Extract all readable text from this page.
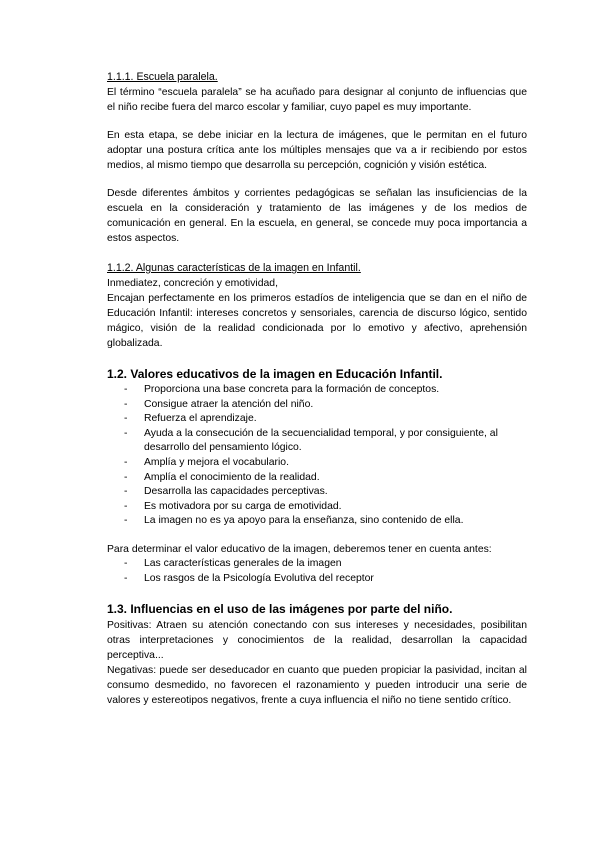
1.1.1. Escuela paralela.

El término “escuela paralela” se ha acuñado para designar al conjunto de influencias que el niño recibe fuera del marco escolar y familiar, cuyo papel es muy importante.

En esta etapa, se debe iniciar en la lectura de imágenes, que le permitan en el futuro adoptar una postura crítica ante los múltiples mensajes que va a ir recibiendo por estos medios, al mismo tiempo que desarrolla su percepción, cognición y visión estética.

Desde diferentes ámbitos y corrientes pedagógicas se señalan las insuficiencias de la escuela en la consideración y tratamiento de las imágenes y de los medios de comunicación en general. En la escuela, en general, se concede muy poca importancia a estos aspectos.

1.1.2. Algunas características de la imagen en Infantil.

Inmediatez, concreción y emotividad,

Encajan perfectamente en los primeros estadíos de inteligencia que se dan en el niño de Educación Infantil: intereses concretos y sensoriales, carencia de discurso lógico, sentido mágico, visión de la realidad condicionada por lo emotivo y afectivo, aprehensión globalizada.

1.2. Valores educativos de la imagen en Educación Infantil.

- Proporciona una base concreta para la formación de conceptos.
- Consigue atraer la atención del niño.
- Refuerza el aprendizaje.
- Ayuda a la consecución de la secuencialidad temporal, y por consiguiente, al desarrollo del pensamiento lógico.
- Amplía y mejora el vocabulario.
- Amplía el conocimiento de la realidad.
- Desarrolla las capacidades perceptivas.
- Es motivadora por su carga de emotividad.
- La imagen no es ya apoyo para la enseñanza, sino contenido de ella.

Para determinar el valor educativo de la imagen, deberemos tener en cuenta antes:

- Las características generales de la imagen
- Los rasgos de la Psicología Evolutiva del receptor

1.3. Influencias en el uso de las imágenes por parte del niño.

Positivas: Atraen su atención conectando con sus intereses y necesidades, posibilitan otras interpretaciones y conocimientos de la realidad, desarrollan la capacidad perceptiva...

Negativas: puede ser deseducador en cuanto que pueden propiciar la pasividad, incitan al consumo desmedido, no favorecen el razonamiento y pueden introducir una serie de valores y estereotipos negativos, frente a cuya influencia el niño no tiene sentido crítico.
